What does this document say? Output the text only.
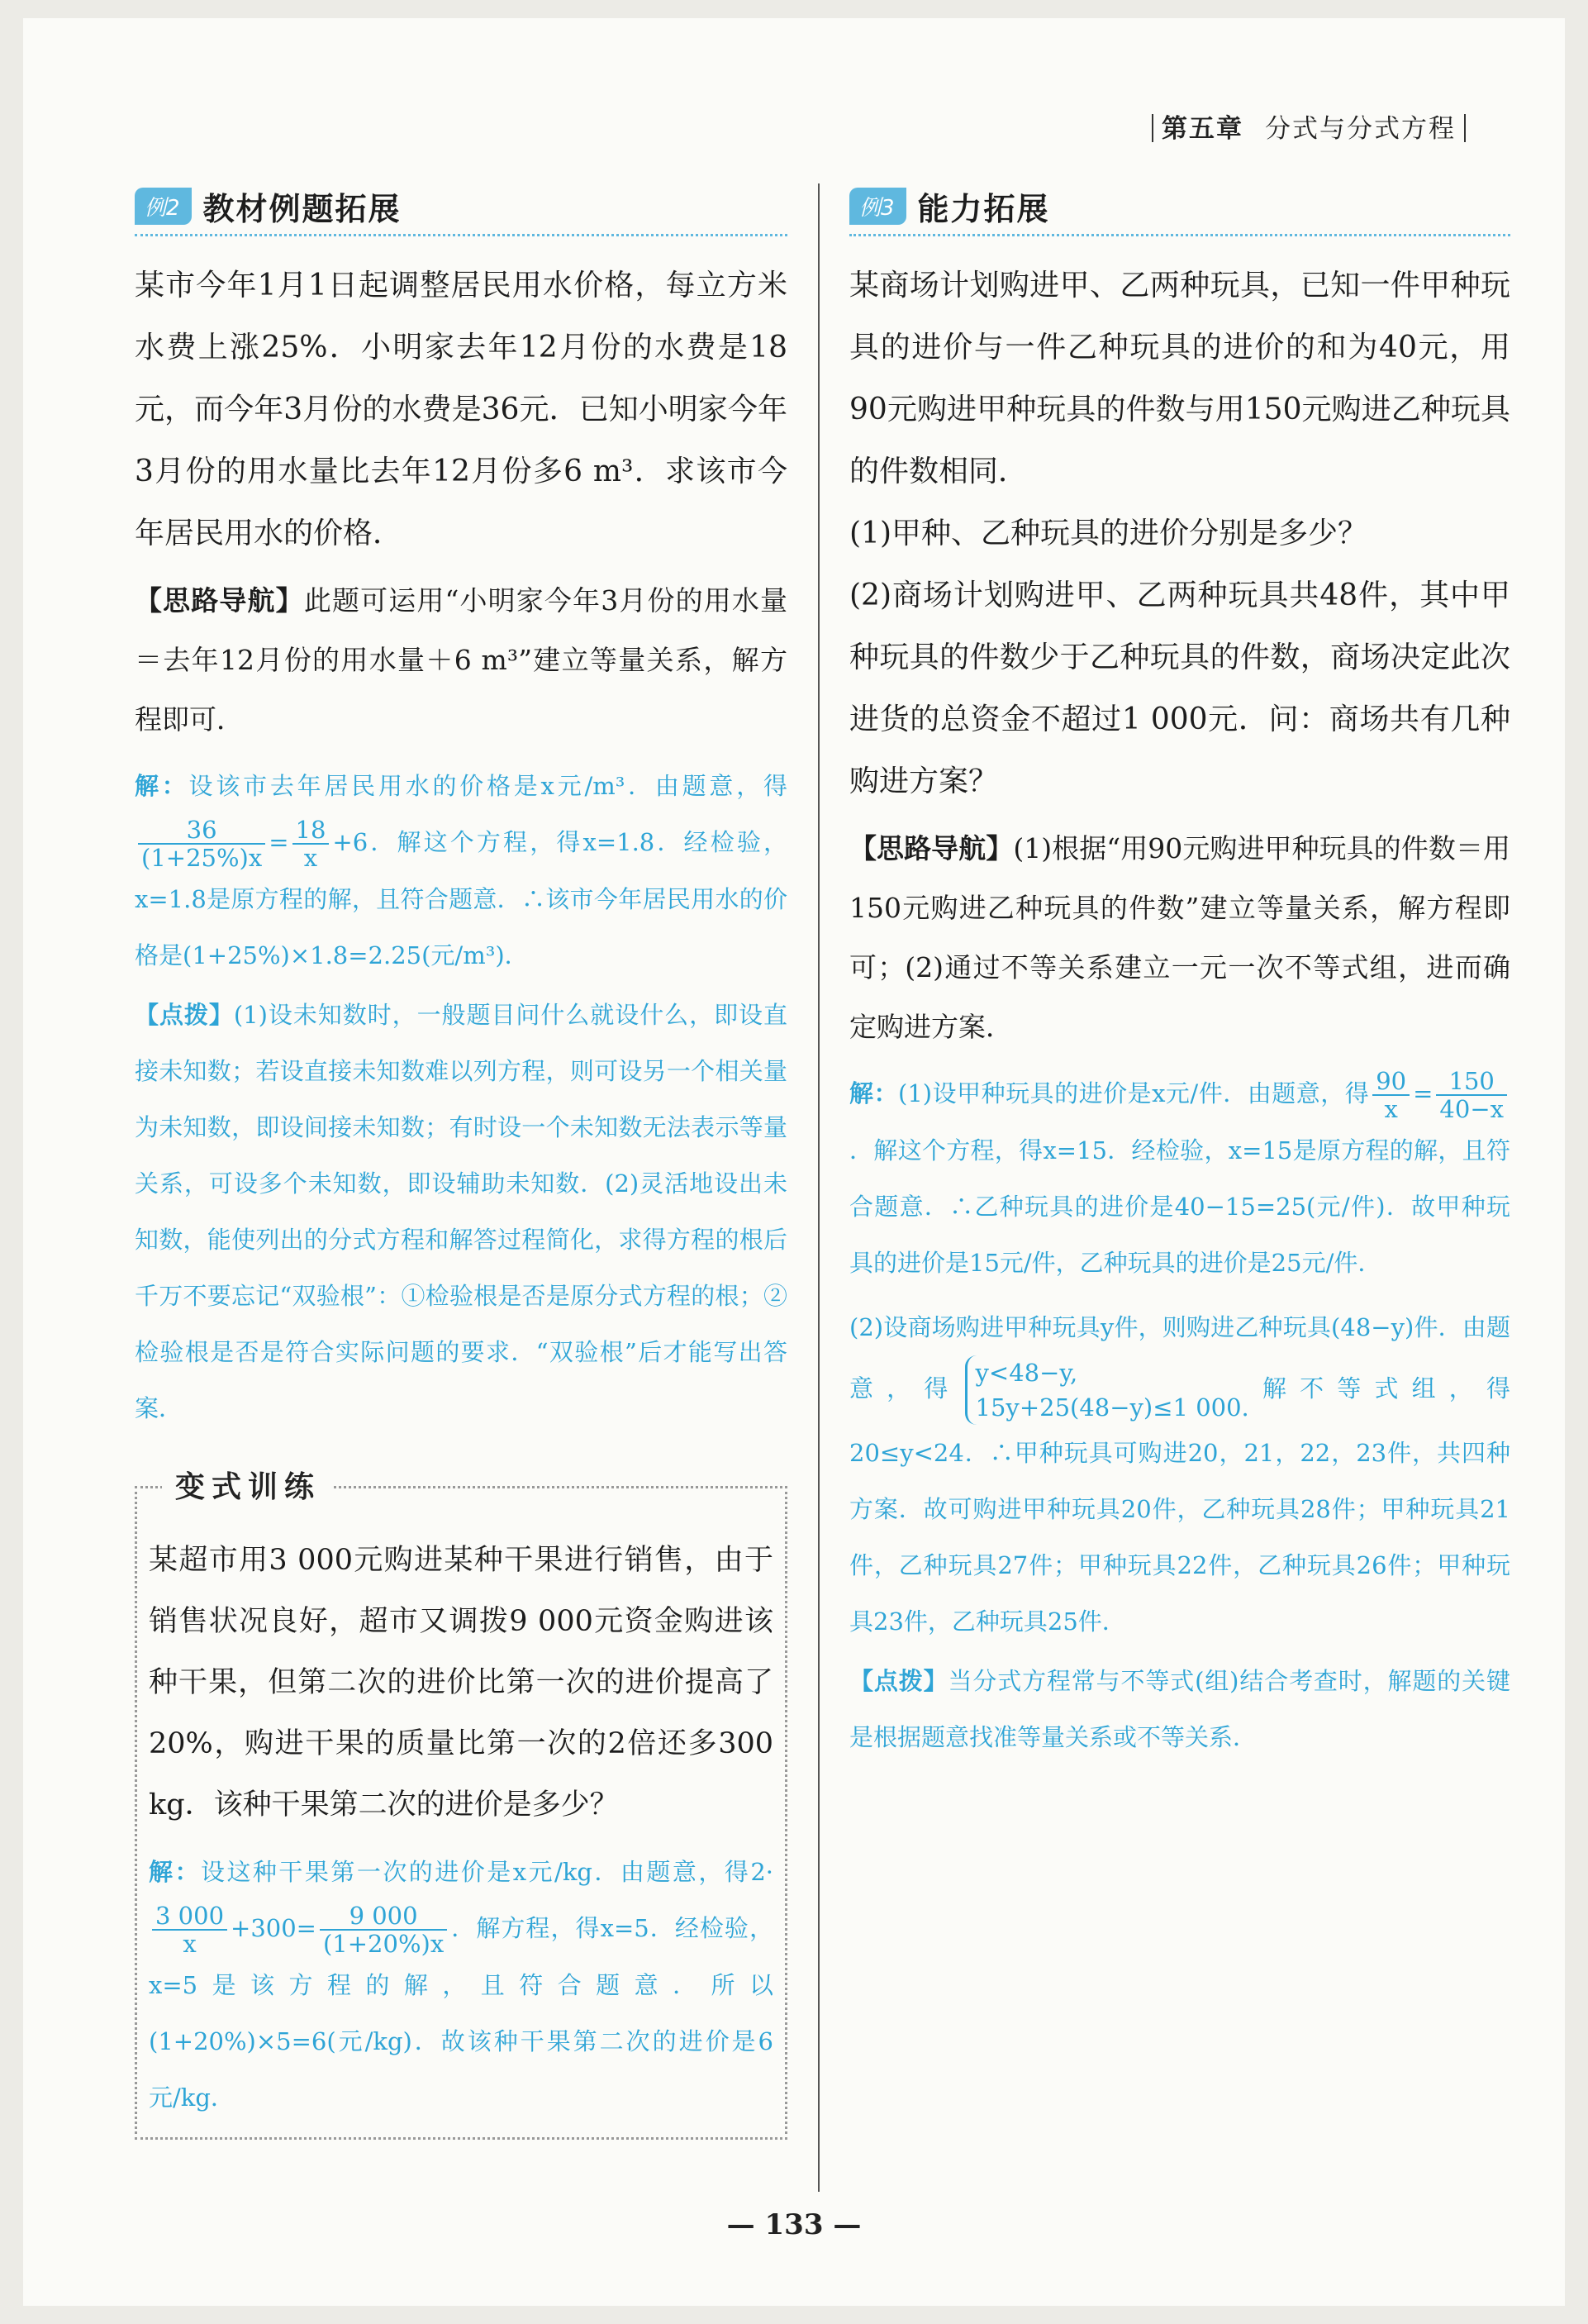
第五章 分式与分式方程
例2 教材例题拓展
某市今年1月1日起调整居民用水价格，每立方米水费上涨25%．小明家去年12月份的水费是18元，而今年3月份的水费是36元．已知小明家今年3月份的用水量比去年12月份多6 m³．求该市今年居民用水的价格．
【思路导航】此题可运用“小明家今年3月份的用水量＝去年12月份的用水量＋6 m³”建立等量关系，解方程即可．
解：设该市去年居民用水的价格是x元/m³．由题意，得
$\frac{36}{(1+25\%)x} = \frac{18}{x} +6$．解这个方程，得x=1.8．经检验，x=1.8是原方程的解，且符合题意．∴该市今年居民用水的价格是(1+25%)×1.8=2.25(元/m³)．
【点拨】(1)设未知数时，一般题目问什么就设什么，即设直接未知数；若设直接未知数难以列方程，则可设另一个相关量为未知数，即设间接未知数；有时设一个未知数无法表示等量关系，可设多个未知数，即设辅助未知数．(2)灵活地设出未知数，能使列出的分式方程和解答过程简化，求得方程的根后千万不要忘记“双验根”：①检验根是否是原分式方程的根；②检验根是否是符合实际问题的要求．“双验根”后才能写出答案．
变式训练
某超市用3 000元购进某种干果进行销售，由于销售状况良好，超市又调拨9 000元资金购进该种干果，但第二次的进价比第一次的进价提高了20%，购进干果的质量比第一次的2倍还多300 kg．该种干果第二次的进价是多少？
解：设这种干果第一次的进价是x元/kg．由题意，得2·
$\frac{3 000}{x} +300= \frac{9 000}{(1+20\%)x}$ ．解方程，得x=5．经检验，x=5是该方程的解，且符合题意．所以(1+20%)×5=6(元/kg)．故该种干果第二次的进价是6元/kg．
例3 能力拓展
某商场计划购进甲、乙两种玩具，已知一件甲种玩具的进价与一件乙种玩具的进价的和为40元，用90元购进甲种玩具的件数与用150元购进乙种玩具的件数相同．
(1)甲种、乙种玩具的进价分别是多少？
(2)商场计划购进甲、乙两种玩具共48件，其中甲种玩具的件数少于乙种玩具的件数，商场决定此次进货的总资金不超过1 000元．问：商场共有几种购进方案？
【思路导航】(1)根据“用90元购进甲种玩具的件数＝用150元购进乙种玩具的件数”建立等量关系，解方程即可；(2)通过不等关系建立一元一次不等式组，进而确定购进方案．
解：(1)设甲种玩具的进价是x元/件．由题意，得 $\frac{90}{x} = \frac{150}{40-x}$
．解这个方程，得x=15．经检验，x=15是原方程的解，且符合题意．∴乙种玩具的进价是40−15=25(元/件)．故甲种玩具的进价是15元/件，乙种玩具的进价是25元/件．
(2)设商场购进甲种玩具y件，则购进乙种玩具(48−y)件．由题意，得
y<48−y,
15y+25(48−y)≤1 000.
解不等式组，得20≤y<24．∴甲种玩具可购进20，21，22，23件，共四种方案．故可购进甲种玩具20件，乙种玩具28件；甲种玩具21件，乙种玩具27件；甲种玩具22件，乙种玩具26件；甲种玩具23件，乙种玩具25件．
【点拨】当分式方程常与不等式(组)结合考查时，解题的关键是根据题意找准等量关系或不等关系．
— 133 —
